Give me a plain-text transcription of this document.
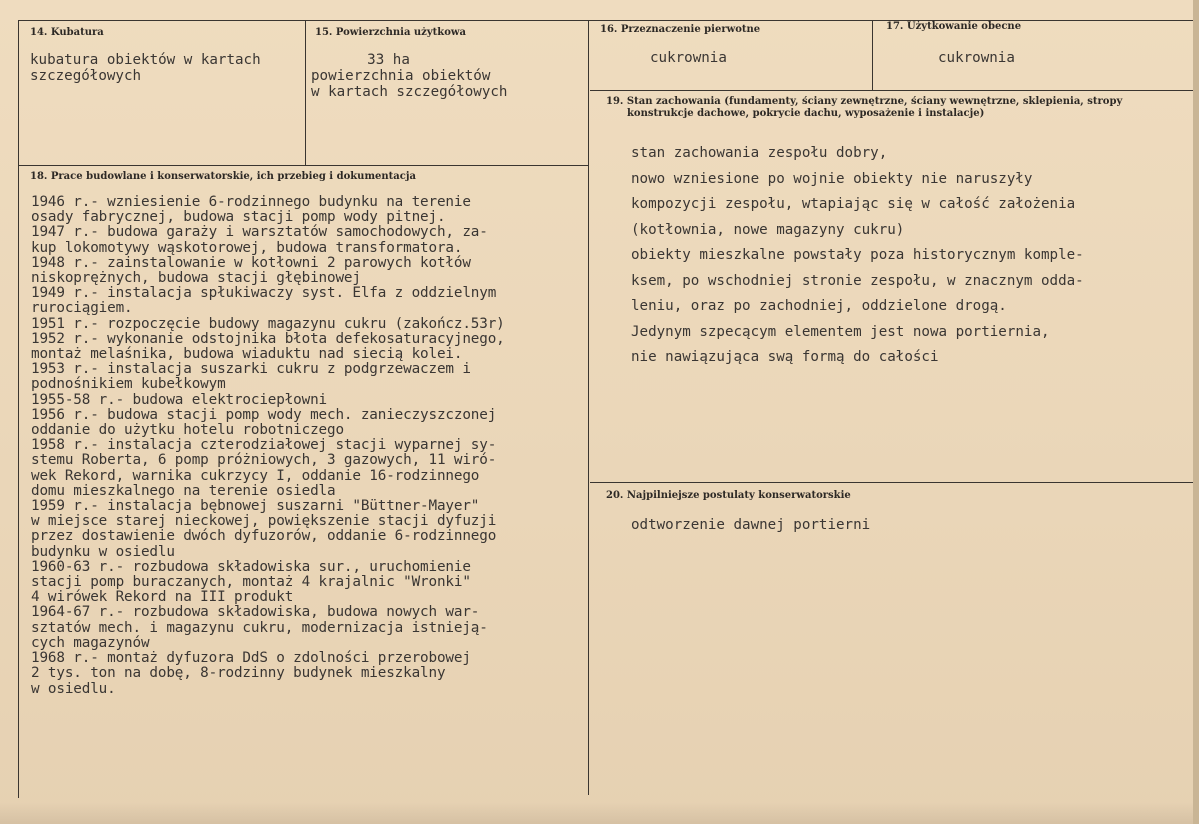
14. Kubatura
kubatura obiektów w kartach
szczegółowych
15. Powierzchnia użytkowa
33 ha
powierzchnia obiektów
w kartach szczegółowych
16. Przeznaczenie pierwotne
cukrownia
17. Użytkowanie obecne
cukrownia
19. Stan zachowania (fundamenty, ściany zewnętrzne, ściany wewnętrzne, sklepienia, stropy
konstrukcje dachowe, pokrycie dachu, wyposażenie i instalacje)
stan zachowania zespołu dobry,
nowo wzniesione po wojnie obiekty nie naruszyły
kompozycji zespołu, wtapiając się w całość założenia
(kotłownia, nowe magazyny cukru)
obiekty mieszkalne powstały poza historycznym komple-
ksem, po wschodniej stronie zespołu, w znacznym odda-
leniu, oraz po zachodniej, oddzielone drogą.
Jedynym szpecącym elementem jest nowa portiernia,
nie nawiązująca swą formą do całości
18. Prace budowlane i konserwatorskie, ich przebieg i dokumentacja
1946 r.- wzniesienie 6-rodzinnego budynku na terenie
osady fabrycznej, budowa stacji pomp wody pitnej.
1947 r.- budowa garaży i warsztatów samochodowych, za-
kup lokomotywy wąskotorowej, budowa transformatora.
1948 r.- zainstalowanie w kotłowni 2 parowych kotłów
niskoprężnych, budowa stacji głębinowej
1949 r.- instalacja spłukiwaczy syst. Elfa z oddzielnym
rurociągiem.
1951 r.- rozpoczęcie budowy magazynu cukru (zakończ.53r)
1952 r.- wykonanie odstojnika błota defekosaturacyjnego,
montaż melaśnika, budowa wiaduktu nad siecią kolei.
1953 r.- instalacja suszarki cukru z podgrzewaczem i
podnośnikiem kubełkowym
1955-58 r.- budowa elektrociepłowni
1956 r.- budowa stacji pomp wody mech. zanieczyszczonej
oddanie do użytku hotelu robotniczego
1958 r.- instalacja czterodziałowej stacji wyparnej sy-
stemu Roberta, 6 pomp próżniowych, 3 gazowych, 11 wiró-
wek Rekord, warnika cukrzycy I, oddanie 16-rodzinnego
domu mieszkalnego na terenie osiedla
1959 r.- instalacja bębnowej suszarni "Büttner-Mayer"
w miejsce starej nieckowej, powiększenie stacji dyfuzji
przez dostawienie dwóch dyfuzorów, oddanie 6-rodzinnego
budynku w osiedlu
1960-63 r.- rozbudowa składowiska sur., uruchomienie
stacji pomp buraczanych, montaż 4 krajalnic "Wronki"
4 wirówek Rekord na III produkt
1964-67 r.- rozbudowa składowiska, budowa nowych war-
sztatów mech. i magazynu cukru, modernizacja istnieją-
cych magazynów
1968 r.- montaż dyfuzora DdS o zdolności przerobowej
2 tys. ton na dobę, 8-rodzinny budynek mieszkalny
w osiedlu.
20. Najpilniejsze postulaty konserwatorskie
odtworzenie dawnej portierni
